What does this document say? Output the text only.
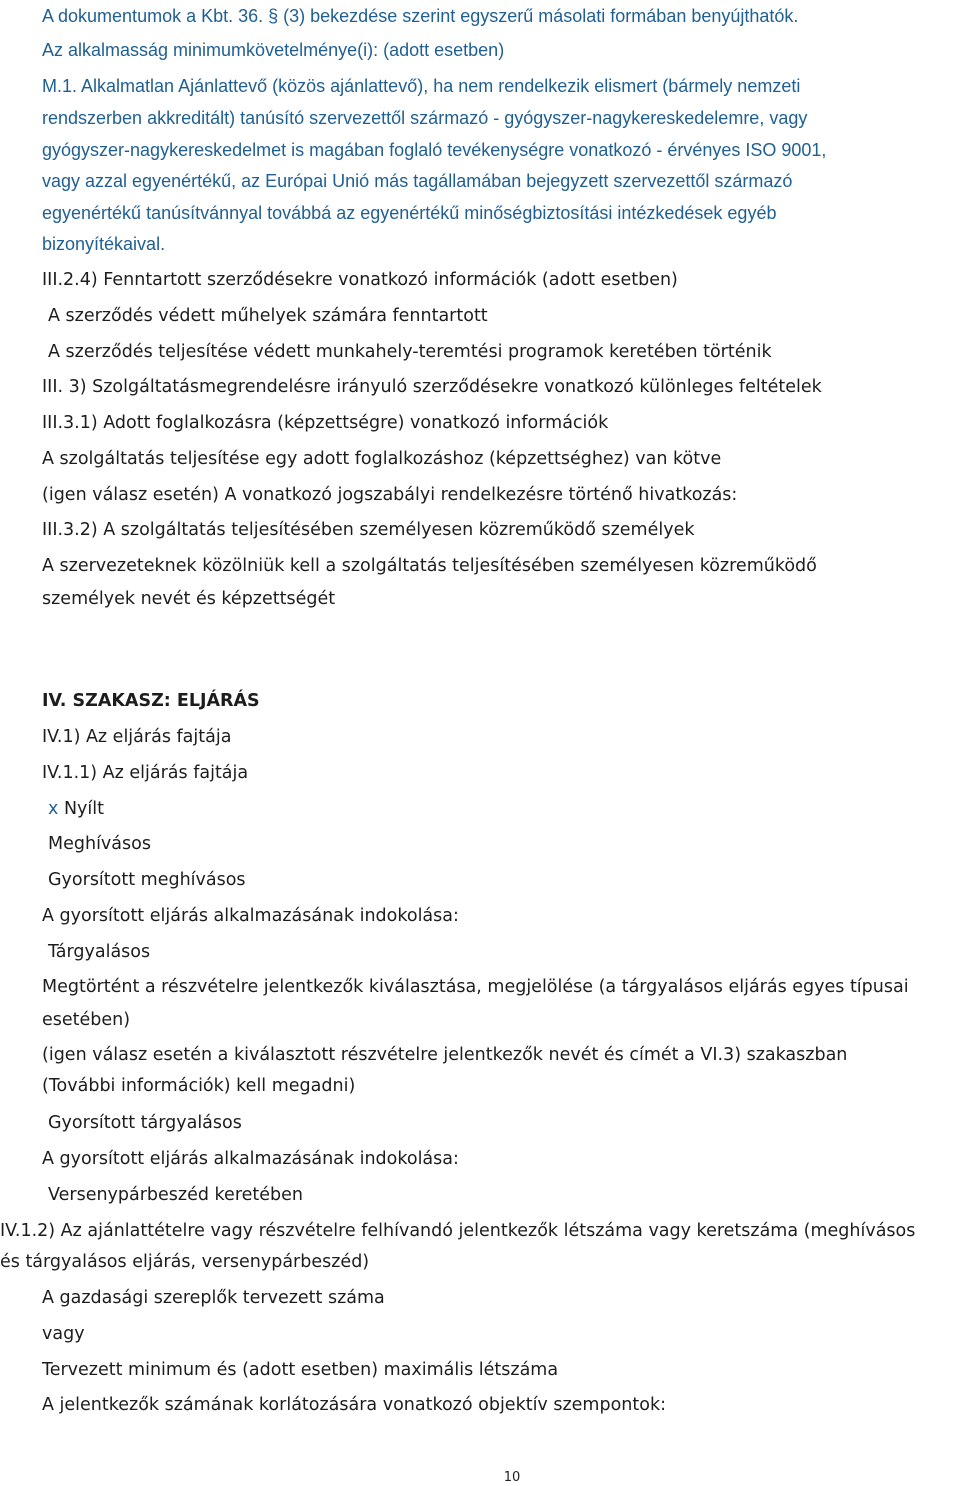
A dokumentumok a Kbt. 36. § (3) bekezdése szerint egyszerű másolati formában benyújthatók.
Az alkalmasság minimumkövetelménye(i): (adott esetben)
M.1. Alkalmatlan Ajánlattevő (közös ajánlattevő), ha nem rendelkezik elismert (bármely nemzeti
rendszerben akkreditált) tanúsító szervezettől származó - gyógyszer-nagykereskedelemre, vagy
gyógyszer-nagykereskedelmet is magában foglaló tevékenységre vonatkozó - érvényes ISO 9001,
vagy azzal egyenértékű, az Európai Unió más tagállamában bejegyzett szervezettől származó
egyenértékű tanúsítvánnyal továbbá az egyenértékű minőségbiztosítási intézkedések egyéb
bizonyítékaival.
III.2.4) Fenntartott szerződésekre vonatkozó információk (adott esetben)
A szerződés védett műhelyek számára fenntartott
A szerződés teljesítése védett munkahely-teremtési programok keretében történik
III. 3) Szolgáltatásmegrendelésre irányuló szerződésekre vonatkozó különleges feltételek
III.3.1) Adott foglalkozásra (képzettségre) vonatkozó információk
A szolgáltatás teljesítése egy adott foglalkozáshoz (képzettséghez) van kötve
(igen válasz esetén) A vonatkozó jogszabályi rendelkezésre történő hivatkozás:
III.3.2) A szolgáltatás teljesítésében személyesen közreműködő személyek
A szervezeteknek közölniük kell a szolgáltatás teljesítésében személyesen közreműködő
személyek nevét és képzettségét
IV. SZAKASZ: ELJÁRÁS
IV.1) Az eljárás fajtája
IV.1.1) Az eljárás fajtája
x Nyílt
Meghívásos
Gyorsított meghívásos
A gyorsított eljárás alkalmazásának indokolása:
Tárgyalásos
Megtörtént a részvételre jelentkezők kiválasztása, megjelölése (a tárgyalásos eljárás egyes típusai
esetében)
(igen válasz esetén a kiválasztott részvételre jelentkezők nevét és címét a VI.3) szakaszban
(További információk) kell megadni)
Gyorsított tárgyalásos
A gyorsított eljárás alkalmazásának indokolása:
Versenypárbeszéd keretében
IV.1.2) Az ajánlattételre vagy részvételre felhívandó jelentkezők létszáma vagy keretszáma (meghívásos
és tárgyalásos eljárás, versenypárbeszéd)
A gazdasági szereplők tervezett száma
vagy
Tervezett minimum és (adott esetben) maximális létszáma
A jelentkezők számának korlátozására vonatkozó objektív szempontok:
10
